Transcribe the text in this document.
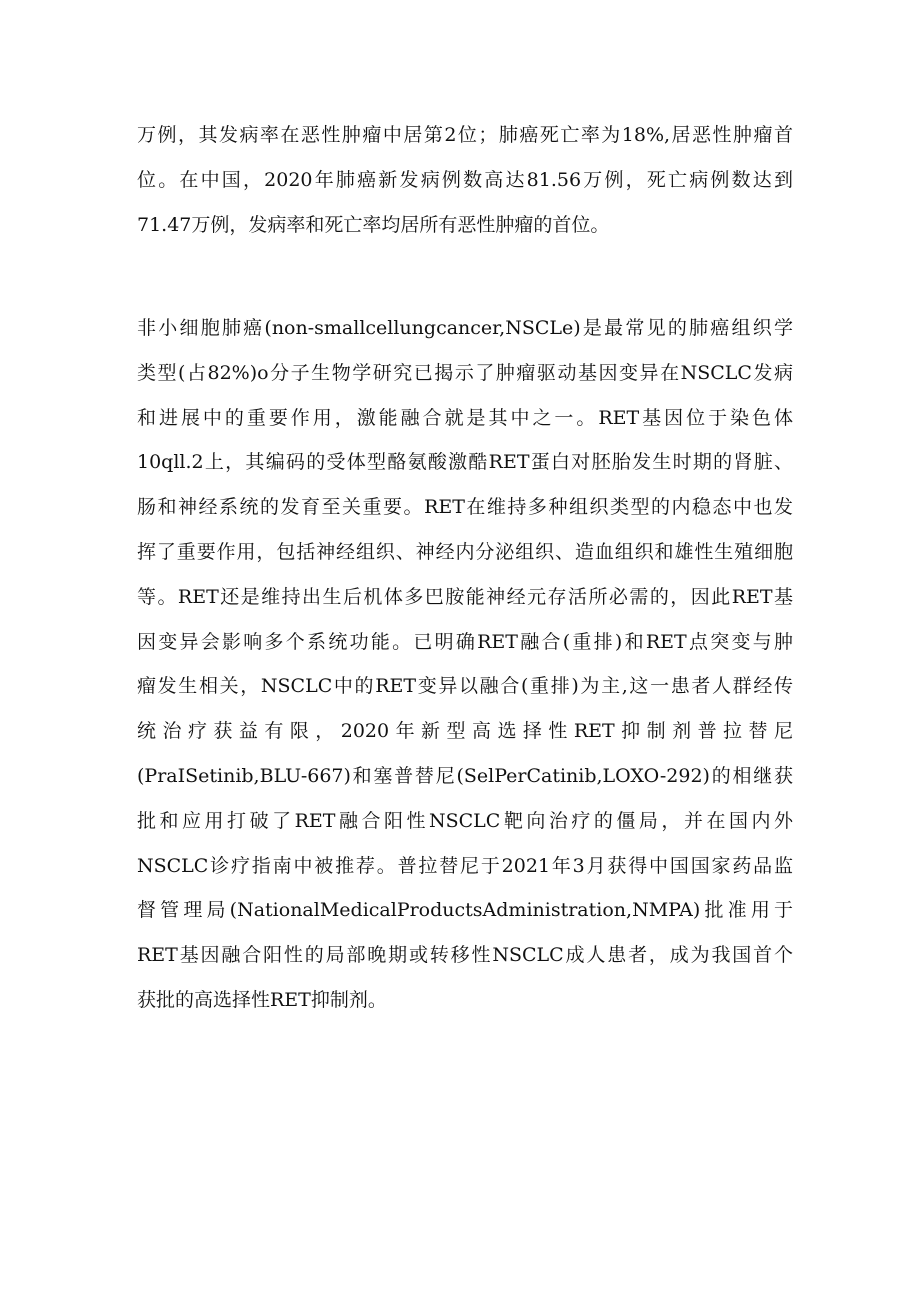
万例，其发病率在恶性肿瘤中居第2位；肺癌死亡率为18%,居恶性肿瘤首
位。在中国，2020年肺癌新发病例数高达81.56万例，死亡病例数达到
71.47万例，发病率和死亡率均居所有恶性肿瘤的首位。
非小细胞肺癌(non-smallcellungcancer,NSCLe)是最常见的肺癌组织学
类型(占82%)o分子生物学研究已揭示了肿瘤驱动基因变异在NSCLC发病
和进展中的重要作用，激能融合就是其中之一。RET基因位于染色体
10qll.2上，其编码的受体型酪氨酸激酷RET蛋白对胚胎发生时期的肾脏、
肠和神经系统的发育至关重要。RET在维持多种组织类型的内稳态中也发
挥了重要作用，包括神经组织、神经内分泌组织、造血组织和雄性生殖细胞
等。RET还是维持出生后机体多巴胺能神经元存活所必需的，因此RET基
因变异会影响多个系统功能。已明确RET融合(重排)和RET点突变与肿
瘤发生相关，NSCLC中的RET变异以融合(重排)为主,这一患者人群经传
统治疗获益有限，2020年新型高选择性RET抑制剂普拉替尼
(PraISetinib,BLU-667)和塞普替尼(SelPerCatinib,LOXO-292)的相继获
批和应用打破了RET融合阳性NSCLC靶向治疗的僵局，并在国内外
NSCLC诊疗指南中被推荐。普拉替尼于2021年3月获得中国国家药品监
督管理局(NationalMedicalProductsAdministration,NMPA)批准用于
RET基因融合阳性的局部晚期或转移性NSCLC成人患者，成为我国首个
获批的高选择性RET抑制剂。
